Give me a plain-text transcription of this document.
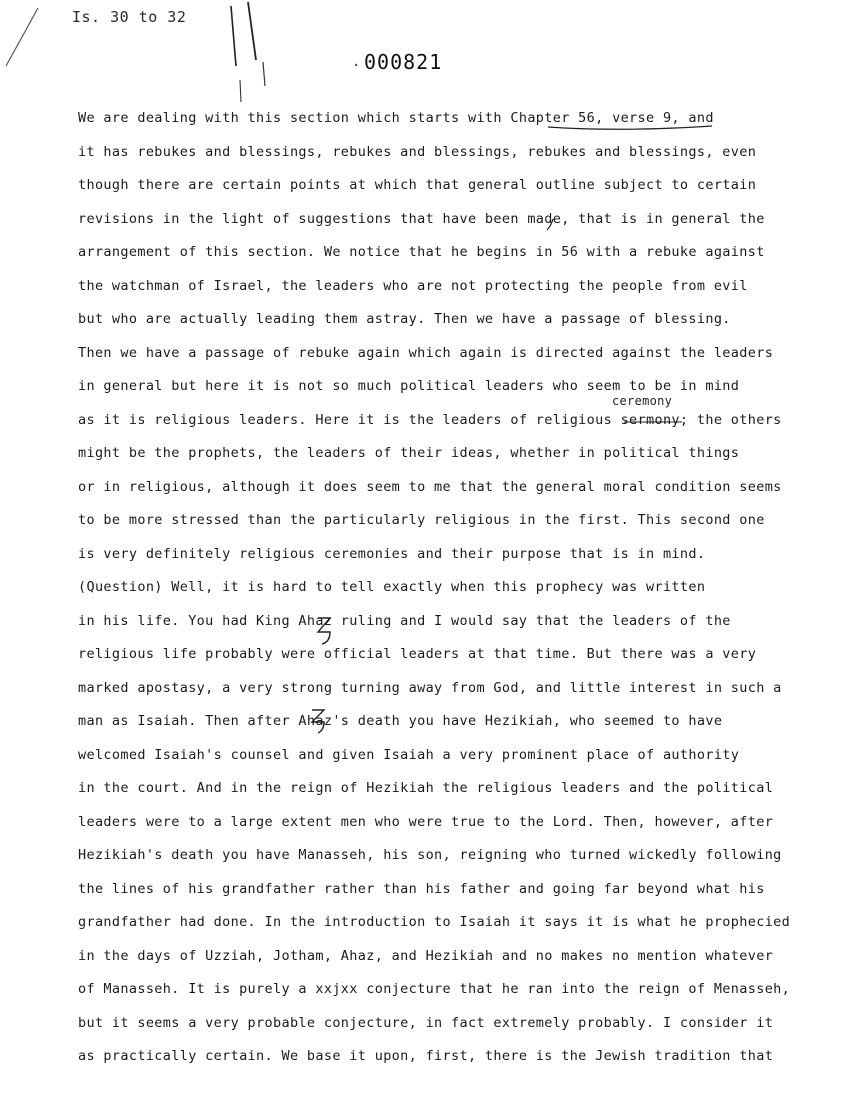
Is. 30 to 32
· 000821
ceremony
We are dealing with this section which starts with Chapter 56, verse 9, and
it has rebukes and blessings, rebukes and blessings, rebukes and blessings, even
though there are certain points at which that general outline subject to certain
revisions in the light of suggestions that have been made, that is in general the
arrangement of this section. We notice that he begins in 56 with a rebuke against
the watchman of Israel, the leaders who are not protecting the people from evil
but who are actually leading them astray. Then we have a passage of blessing.
Then we have a passage of rebuke again which again is directed against the leaders
in general but here it is not so much political leaders who seem to be in mind
as it is religious leaders. Here it is the leaders of religious sermony; the others
might be the prophets, the leaders of their ideas, whether in political things
or in religious, although it does seem to me that the general moral condition seems
to be more stressed than the particularly religious in the first. This second one
is very definitely religious ceremonies and their purpose that is in mind.
(Question) Well, it is hard to tell exactly when this prophecy was written
in his life. You had King Ahaz ruling and I would say that the leaders of the
religious life probably were official leaders at that time. But there was a very
marked apostasy, a very strong turning away from God, and little interest in such a
man as Isaiah. Then after Ahaz's death you have Hezikiah, who seemed to have
welcomed Isaiah's counsel and given Isaiah a very prominent place of authority
in the court. And in the reign of Hezikiah the religious leaders and the political
leaders were to a large extent men who were true to the Lord. Then, however, after
Hezikiah's death you have Manasseh, his son, reigning who turned wickedly following
the lines of his grandfather rather than his father and going far beyond what his
grandfather had done. In the introduction to Isaiah it says it is what he prophecied
in the days of Uzziah, Jotham, Ahaz, and Hezikiah and no makes no mention whatever
of Manasseh. It is purely a xxjxx conjecture that he ran into the reign of Menasseh,
but it seems a very probable conjecture, in fact extremely probably. I consider it
as practically certain. We base it upon, first, there is the Jewish tradition that
